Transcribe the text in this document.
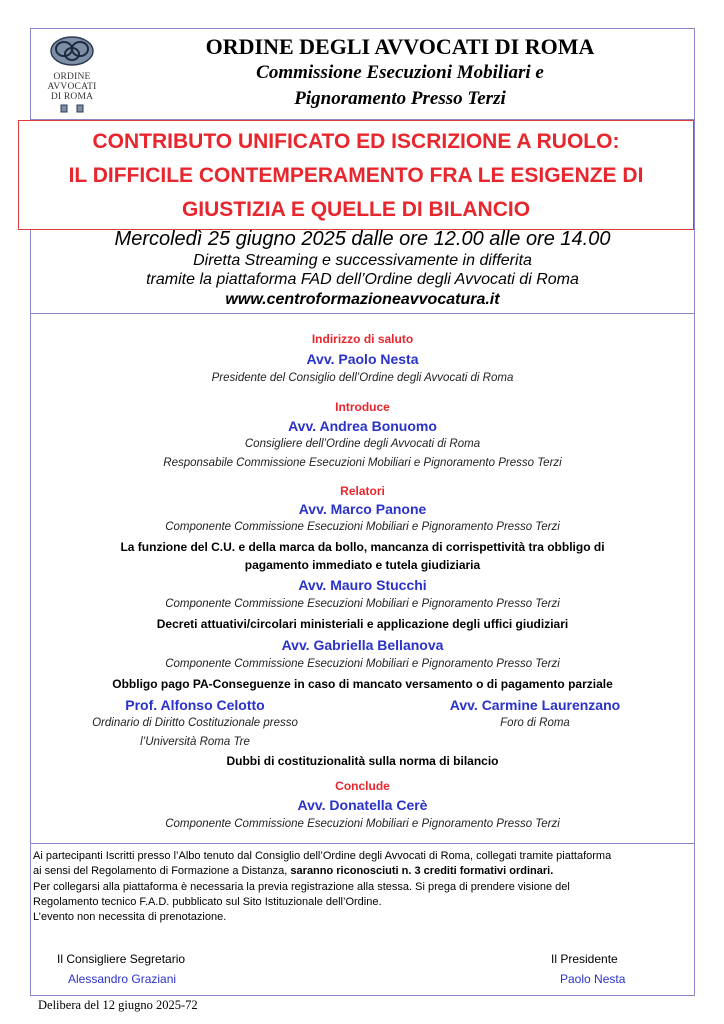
ORDINE
AVVOCATI
DI ROMA
ORDINE DEGLI AVVOCATI DI ROMA
Commissione Esecuzioni Mobiliari e
Pignoramento Presso Terzi
CONTRIBUTO UNIFICATO ED ISCRIZIONE A RUOLO:
IL DIFFICILE CONTEMPERAMENTO FRA LE ESIGENZE DI
GIUSTIZIA E QUELLE DI BILANCIO
Mercoledì 25 giugno 2025 dalle ore 12.00 alle ore 14.00
Diretta Streaming e successivamente in differita
tramite la piattaforma FAD dell’Ordine degli Avvocati di Roma
www.centroformazioneavvocatura.it
Indirizzo di saluto
Avv. Paolo Nesta
Presidente del Consiglio dell’Ordine degli Avvocati di Roma
Introduce
Avv. Andrea Bonuomo
Consigliere dell’Ordine degli Avvocati di Roma
Responsabile Commissione Esecuzioni Mobiliari e Pignoramento Presso Terzi
Relatori
Avv. Marco Panone
Componente Commissione Esecuzioni Mobiliari e Pignoramento Presso Terzi
La funzione del C.U. e della marca da bollo, mancanza di corrispettività tra obbligo di
pagamento immediato e tutela giudiziaria
Avv. Mauro Stucchi
Componente Commissione Esecuzioni Mobiliari e Pignoramento Presso Terzi
Decreti attuativi/circolari ministeriali e applicazione degli uffici giudiziari
Avv. Gabriella Bellanova
Componente Commissione Esecuzioni Mobiliari e Pignoramento Presso Terzi
Obbligo pago PA-Conseguenze in caso di mancato versamento o di pagamento parziale
Prof. Alfonso Celotto
Ordinario di Diritto Costituzionale presso
l’Università Roma Tre
Avv. Carmine Laurenzano
Foro di Roma
Dubbi di costituzionalità sulla norma di bilancio
Conclude
Avv. Donatella Cerè
Componente Commissione Esecuzioni Mobiliari e Pignoramento Presso Terzi
Ai partecipanti Iscritti presso l’Albo tenuto dal Consiglio dell’Ordine degli Avvocati di Roma, collegati tramite piattaforma
ai sensi del Regolamento di Formazione a Distanza, saranno riconosciuti n. 3 crediti formativi ordinari.
Per collegarsi alla piattaforma è necessaria la previa registrazione alla stessa. Si prega di prendere visione del
Regolamento tecnico F.A.D. pubblicato sul Sito Istituzionale dell’Ordine.
L’evento non necessita di prenotazione.
Il Consigliere Segretario
Alessandro Graziani
Il Presidente
Paolo Nesta
Delibera del 12 giugno 2025-72
